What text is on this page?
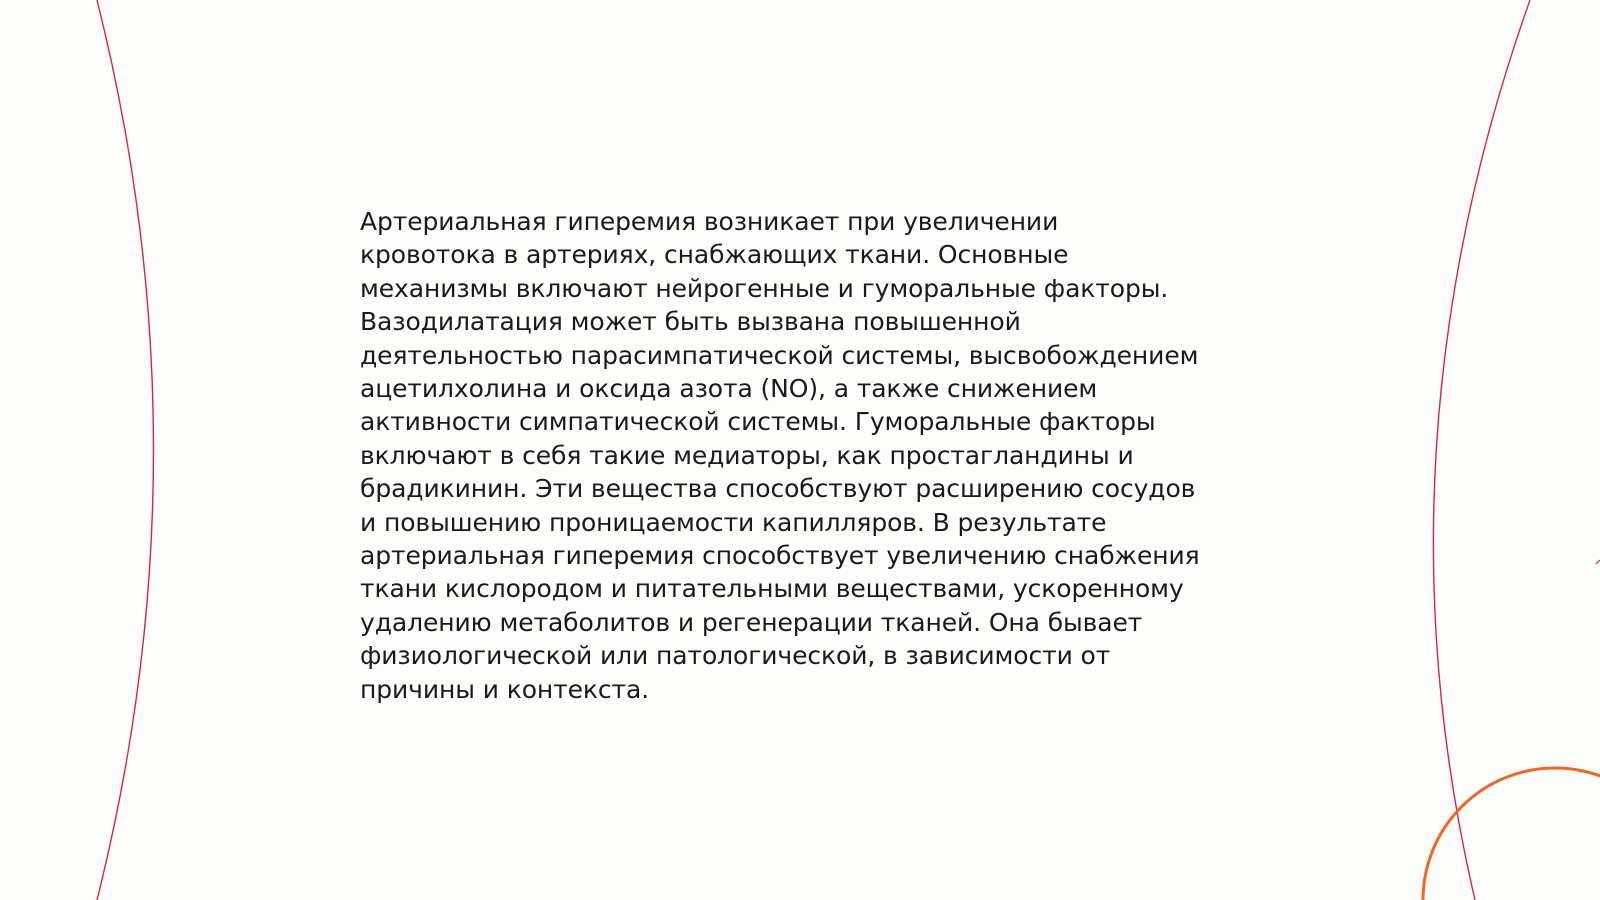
Артериальная гиперемия возникает при увеличении
кровотока в артериях, снабжающих ткани. Основные
механизмы включают нейрогенные и гуморальные факторы.
Вазодилатация может быть вызвана повышенной
деятельностью парасимпатической системы, высвобождением
ацетилхолина и оксида азота (NO), а также снижением
активности симпатической системы. Гуморальные факторы
включают в себя такие медиаторы, как простагландины и
брадикинин. Эти вещества способствуют расширению сосудов
и повышению проницаемости капилляров. В результате
артериальная гиперемия способствует увеличению снабжения
ткани кислородом и питательными веществами, ускоренному
удалению метаболитов и регенерации тканей. Она бывает
физиологической или патологической, в зависимости от
причины и контекста.
